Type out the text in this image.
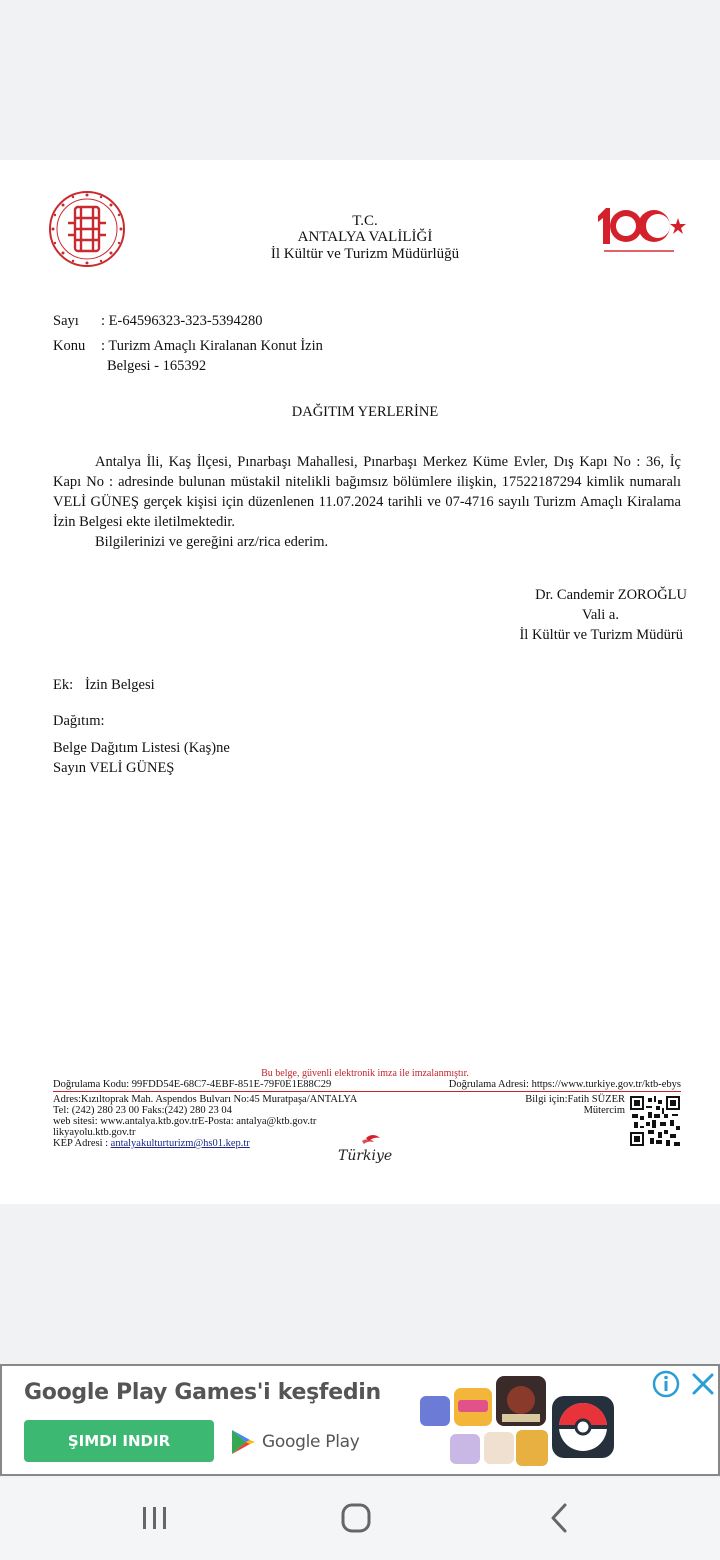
T.C.
ANTALYA VALİLİĞİ
İl Kültür ve Turizm Müdürlüğü
Sayı : E-64596323-323-5394280
Konu : Turizm Amaçlı Kiralanan Konut İzin
Belgesi - 165392
DAĞITIM YERLERİNE

Antalya İli, Kaş İlçesi, Pınarbaşı Mahallesi, Pınarbaşı Merkez Küme Evler, Dış Kapı No : 36, İç Kapı No : adresinde bulunan müstakil nitelikli bağımsız bölümlere ilişkin, 17522187294 kimlik numaralı VELİ GÜNEŞ gerçek kişisi için düzenlenen 11.07.2024 tarihli ve 07-4716 sayılı Turizm Amaçlı Kiralama İzin Belgesi ekte iletilmektedir.

Bilgilerinizi ve gereğini arz/rica ederim.

Dr. Candemir ZOROĞLU
Vali a.
İl Kültür ve Turizm Müdürü
Ek: İzin Belgesi
Dağıtım:
Belge Dağıtım Listesi (Kaş)ne
Sayın VELİ GÜNEŞ
Bu belge, güvenli elektronik imza ile imzalanmıştır.
Doğrulama Kodu: 99FDD54E-68C7-4EBF-851E-79F0E1E88C29	Doğrulama Adresi: https://www.turkiye.gov.tr/ktb-ebys
Adres:Kızıltoprak Mah. Aspendos Bulvarı No:45 Muratpaşa/ANTALYA
Tel: (242) 280 23 00 Faks:(242) 280 23 04
web sitesi: www.antalya.ktb.gov.trE-Posta: antalya@ktb.gov.tr
likyayolu.ktb.gov.tr
KEP Adresi : antalyakulturturizm@hs01.kep.tr
Bilgi için:Fatih SÜZER
Mütercim
Türkiye
Google Play Games'i keşfedin
ŞIMDI INDIR	Google Play
